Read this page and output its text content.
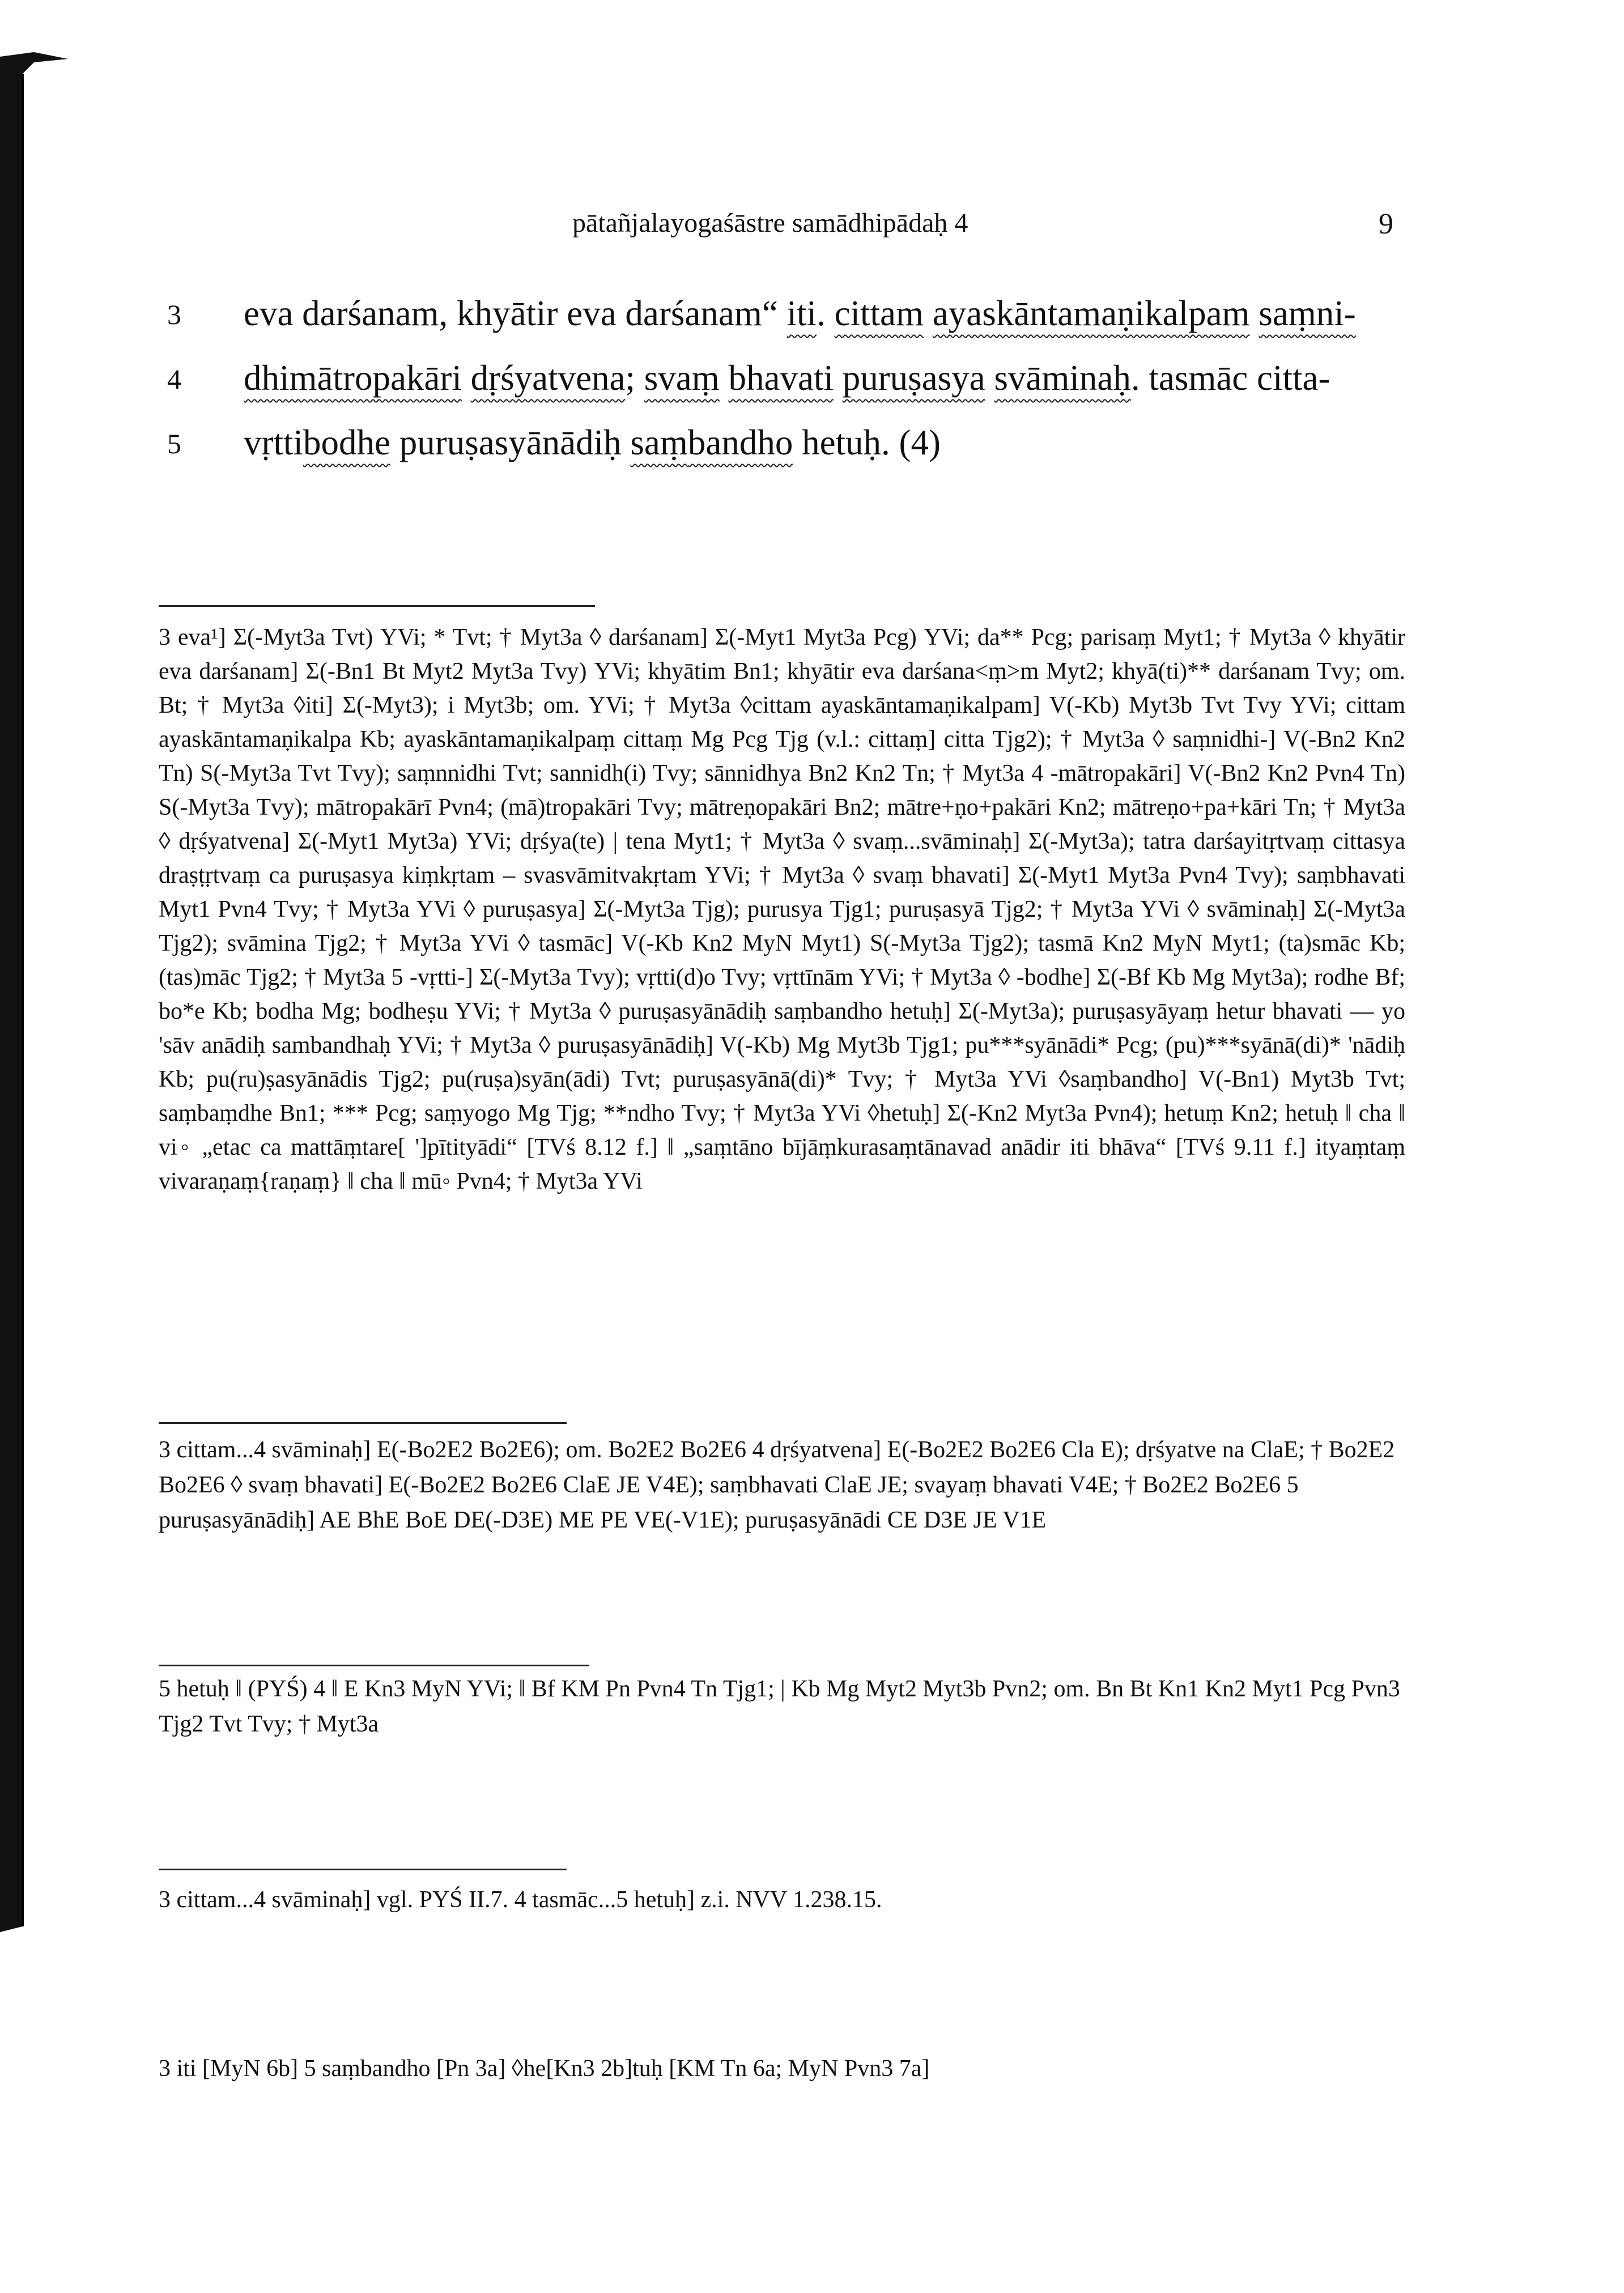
pātañjalayogaśāstre samādhipādaḥ 4	9
3 eva darśanam, khyātir eva darśanam“ iti. cittam ayaskāntamaṇikalpam saṃni-
4 dhimātropakāri dṛśyatvena; svaṃ bhavati puruṣasya svāminaḥ. tasmāc citta-
5 vṛttibodhe puruṣasyānādiḥ saṃbandho hetuḥ. (4)

3 eva¹] Σ(-Myt3a Tvt) YVi; * Tvt; † Myt3a ◊ darśanam] Σ(-Myt1 Myt3a Pcg) YVi; da** Pcg; parisaṃ Myt1; † Myt3a ◊ khyātir eva darśanam] Σ(-Bn1 Bt Myt2 Myt3a Tvy) YVi; khyātim Bn1; khyātir eva darśana<ṃ>m Myt2; khyā(ti)** darśanam Tvy; om. Bt; † Myt3a ◊iti] Σ(-Myt3); i Myt3b; om. YVi; † Myt3a ◊cittam ayaskāntamaṇikalpam] V(-Kb) Myt3b Tvt Tvy YVi; cittam ayaskāntamaṇikalpa Kb; ayaskāntamaṇikalpaṃ cittaṃ Mg Pcg Tjg (v.l.: cittaṃ] citta Tjg2); † Myt3a ◊ saṃnidhi-] V(-Bn2 Kn2 Tn) S(-Myt3a Tvt Tvy); saṃnnidhi Tvt; sannidh(i) Tvy; sānnidhya Bn2 Kn2 Tn; † Myt3a 4 -mātropakāri] V(-Bn2 Kn2 Pvn4 Tn) S(-Myt3a Tvy); mātropakārī Pvn4; (mā)tropakāri Tvy; mātreṇopakāri Bn2; mātre+ṇo+pakāri Kn2; mātreṇo+pa+kāri Tn; † Myt3a ◊ dṛśyatvena] Σ(-Myt1 Myt3a) YVi; dṛśya(te) | tena Myt1; † Myt3a ◊ svaṃ...svāminaḥ] Σ(-Myt3a); tatra darśayitṛtvaṃ cittasya draṣṭṛtvaṃ ca puruṣasya kiṃkṛtam – svasvāmitvakṛtam YVi; † Myt3a ◊ svaṃ bhavati] Σ(-Myt1 Myt3a Pvn4 Tvy); saṃbhavati Myt1 Pvn4 Tvy; † Myt3a YVi ◊ puruṣasya] Σ(-Myt3a Tjg); purusya Tjg1; puruṣasyā Tjg2; † Myt3a YVi ◊ svāminaḥ] Σ(-Myt3a Tjg2); svāmina Tjg2; † Myt3a YVi ◊ tasmāc] V(-Kb Kn2 MyN Myt1) S(-Myt3a Tjg2); tasmā Kn2 MyN Myt1; (ta)smāc Kb; (tas)māc Tjg2; † Myt3a 5 -vṛtti-] Σ(-Myt3a Tvy); vṛtti(d)o Tvy; vṛttīnām YVi; † Myt3a ◊ -bodhe] Σ(-Bf Kb Mg Myt3a); rodhe Bf; bo*e Kb; bodha Mg; bodheṣu YVi; † Myt3a ◊ puruṣasyānādiḥ saṃbandho hetuḥ] Σ(-Myt3a); puruṣasyāyaṃ hetur bhavati — yo 'sāv anādiḥ sambandhaḥ YVi; † Myt3a ◊ puruṣasyānādiḥ] V(-Kb) Mg Myt3b Tjg1; pu***syānādi* Pcg; (pu)***syānā(di)* 'nādiḥ Kb; pu(ru)ṣasyānādis Tjg2; pu(ruṣa)syān(ādi) Tvt; puruṣasyānā(di)* Tvy; † Myt3a YVi ◊saṃbandho] V(-Bn1) Myt3b Tvt; saṃbaṃdhe Bn1; *** Pcg; saṃyogo Mg Tjg; **ndho Tvy; † Myt3a YVi ◊hetuḥ] Σ(-Kn2 Myt3a Pvn4); hetuṃ Kn2; hetuḥ ‖ cha ‖ vi◦ „etac ca mattāṃtare[ ']pītityādi“ [TVś 8.12 f.] ‖ „saṃtāno bījāṃkurasaṃtānavad anādir iti bhāva“ [TVś 9.11 f.] ityaṃtaṃ vivaraṇaṃ{raṇaṃ} ‖ cha ‖ mū◦ Pvn4; † Myt3a YVi

3 cittam...4 svāminaḥ] E(-Bo2E2 Bo2E6); om. Bo2E2 Bo2E6 4 dṛśyatvena] E(-Bo2E2 Bo2E6 Cla E); dṛśyatve na ClaE; † Bo2E2 Bo2E6 ◊ svaṃ bhavati] E(-Bo2E2 Bo2E6 ClaE JE V4E); saṃbhavati ClaE JE; svayaṃ bhavati V4E; † Bo2E2 Bo2E6 5 puruṣasyānādiḥ] AE BhE BoE DE(-D3E) ME PE VE(-V1E); puruṣasyānādi CE D3E JE V1E

5 hetuḥ ‖ (PYŚ) 4 ‖ E Kn3 MyN YVi; ‖ Bf KM Pn Pvn4 Tn Tjg1; | Kb Mg Myt2 Myt3b Pvn2; om. Bn Bt Kn1 Kn2 Myt1 Pcg Pvn3 Tjg2 Tvt Tvy; † Myt3a

3 cittam...4 svāminaḥ] vgl. PYŚ II.7. 4 tasmāc...5 hetuḥ] z.i. NVV 1.238.15.

3 iti [MyN 6b] 5 saṃbandho [Pn 3a] ◊he[Kn3 2b]tuḥ [KM Tn 6a; MyN Pvn3 7a]
